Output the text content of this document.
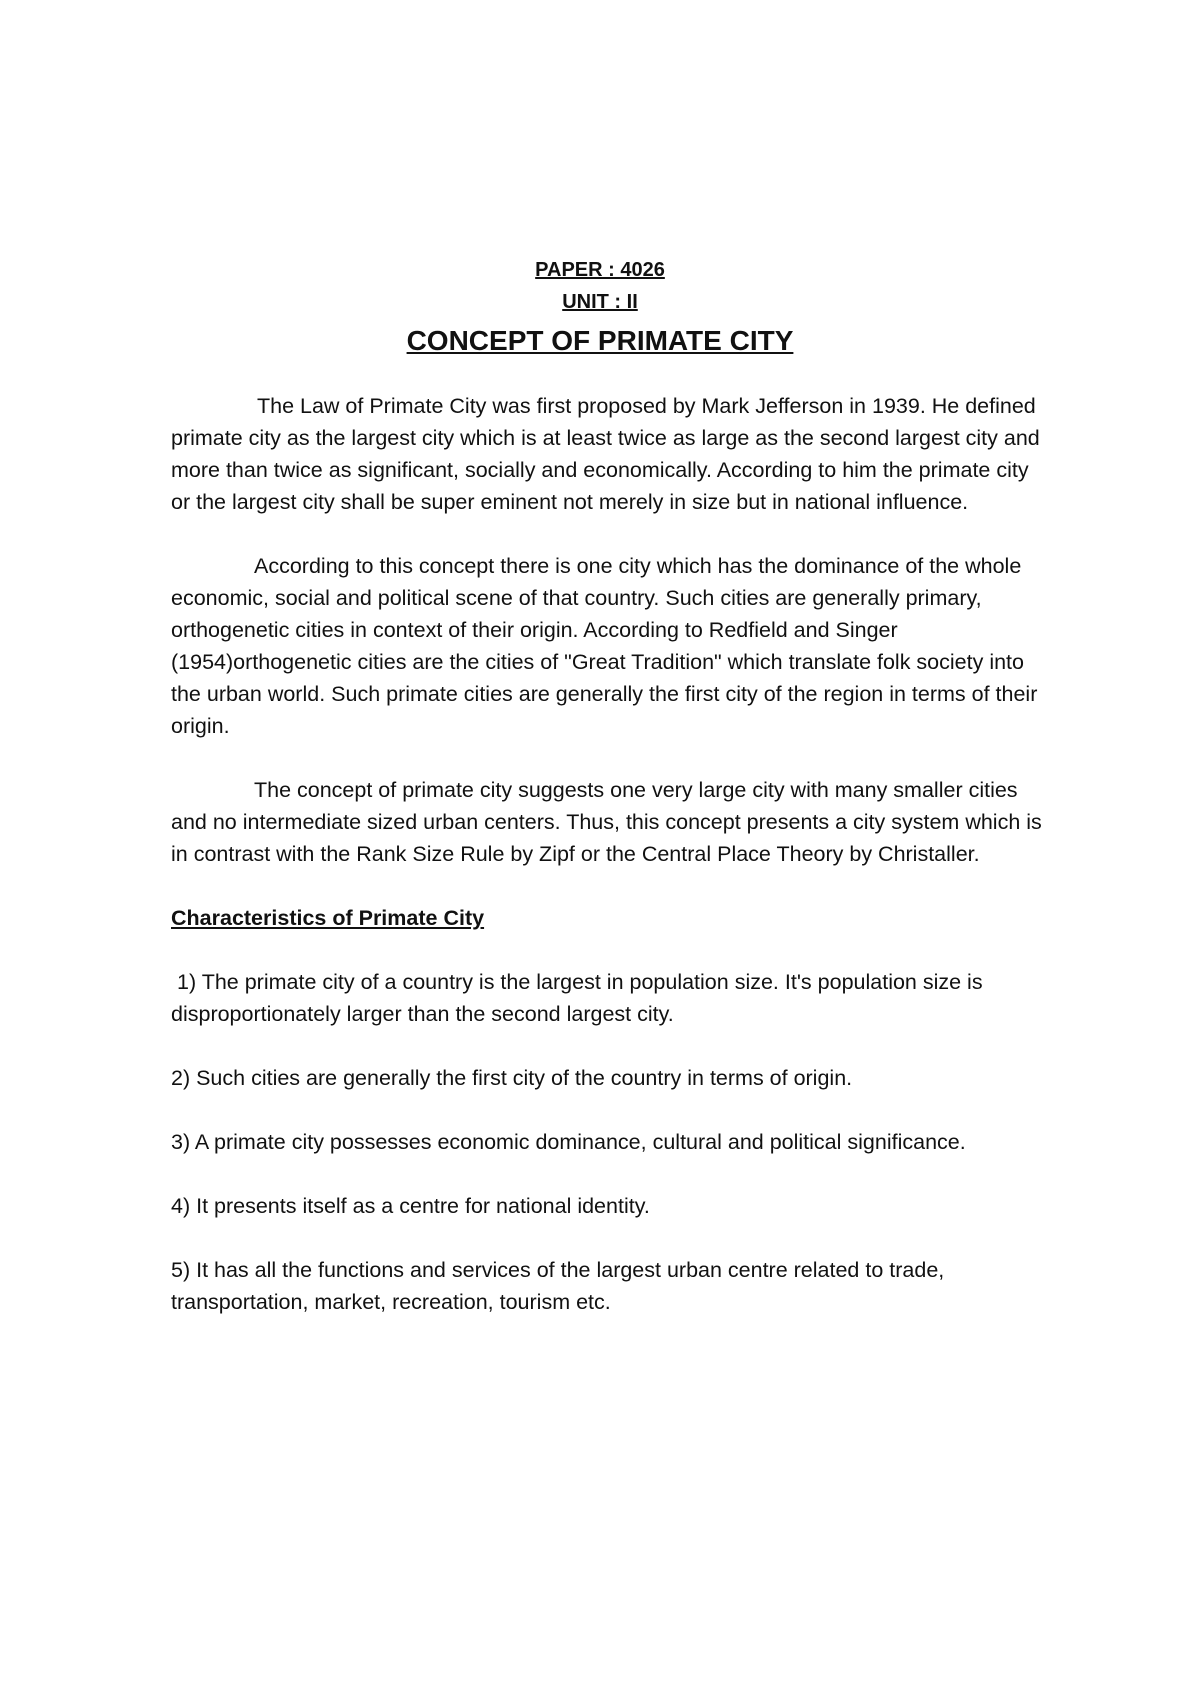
PAPER : 4026
UNIT : II
CONCEPT OF PRIMATE CITY

The Law of Primate City was first proposed by Mark Jefferson in 1939. He defined primate city as the largest city which is at least twice as large as the second largest city and more than twice as significant, socially and economically. According to him the primate city or the largest city shall be super eminent not merely in size but in national influence.

According to this concept there is one city which has the dominance of the whole economic, social and political scene of that country. Such cities are generally primary, orthogenetic cities in context of their origin. According to Redfield and Singer (1954)orthogenetic cities are the cities of "Great Tradition" which translate folk society into the urban world. Such primate cities are generally the first city of the region in terms of their origin.

The concept of primate city suggests one very large city with many smaller cities and no intermediate sized urban centers. Thus, this concept presents a city system which is in contrast with the Rank Size Rule by Zipf or the Central Place Theory by Christaller.

Characteristics of Primate City
1) The primate city of a country is the largest in population size. It's population size is disproportionately larger than the second largest city.
2) Such cities are generally the first city of the country in terms of origin.
3) A primate city possesses economic dominance, cultural and political significance.
4) It presents itself as a centre for national identity.
5) It has all the functions and services of the largest urban centre related to trade, transportation, market, recreation, tourism etc.
